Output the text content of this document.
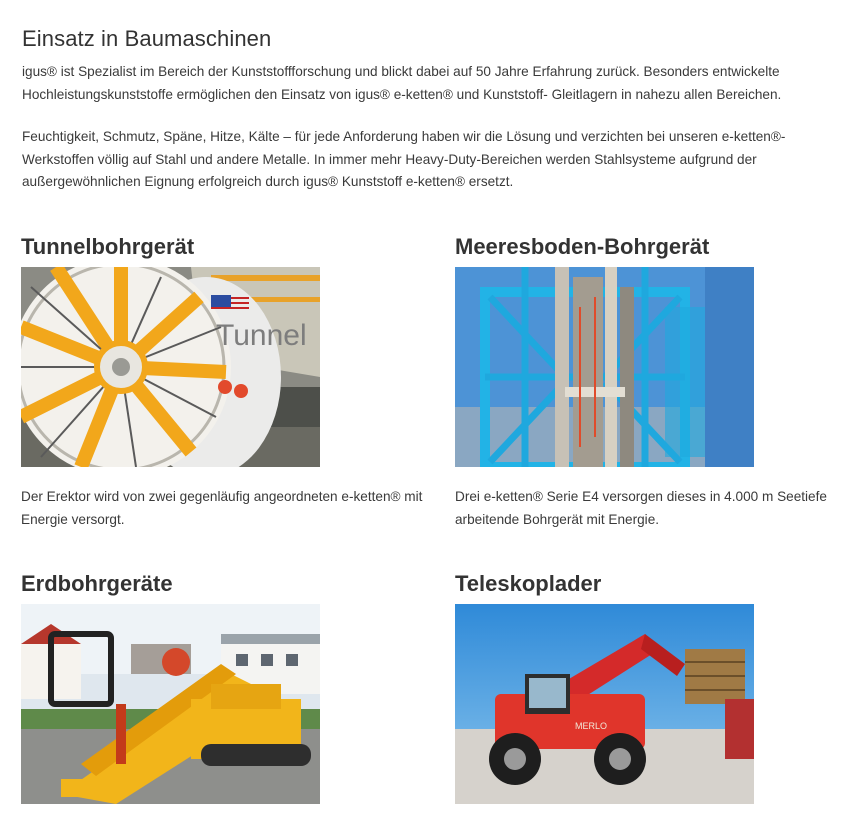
Einsatz in Baumaschinen

igus® ist Spezialist im Bereich der Kunststoffforschung und blickt dabei auf 50 Jahre Erfahrung zurück. Besonders entwickelte Hochleistungskunststoffe ermöglichen den Einsatz von igus® e-ketten® und Kunststoff- Gleitlagern in nahezu allen Bereichen.

Feuchtigkeit, Schmutz, Späne, Hitze, Kälte – für jede Anforderung haben wir die Lösung und verzichten bei unseren e-ketten®-Werkstoffen völlig auf Stahl und andere Metalle. In immer mehr Heavy-Duty-Bereichen werden Stahlsysteme aufgrund der außergewöhnlichen Eignung erfolgreich durch igus® Kunststoff e-ketten® ersetzt.

Tunnelbohrgerät
Tunnel

Der Erektor wird von zwei gegenläufig angeordneten e-ketten® mit Energie versorgt.

Meeresboden-Bohrgerät

Drei e-ketten® Serie E4 versorgen dieses in 4.000 m Seetiefe arbeitende Bohrgerät mit Energie.

Erdbohrgeräte	Teleskoplader
MERLO
